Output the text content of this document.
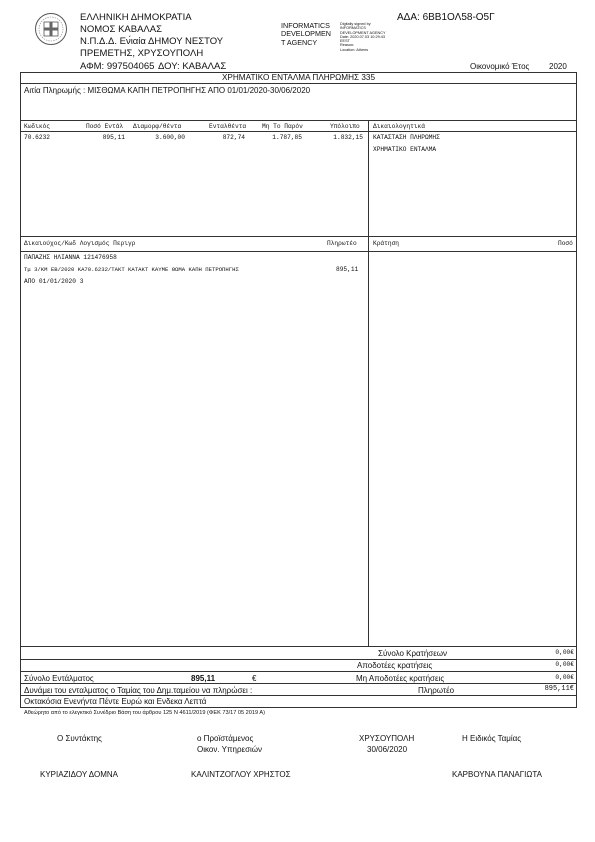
ΕΛΛΗΝΙΚΗ ΔΗΜΟΚΡΑΤΙΑ
ΝΟΜΟΣ ΚΑΒΑΛΑΣ
Ν.Π.Δ.Δ. Εν́ιαία ΔΗΜΟΥ ΝΕΣΤΟΥ
ΠΡΕΜΕΤΗΣ, ΧΡΥΣΟΥΠΟΛΗ
ΑΦΜ: 997504065 ΔΟΥ: ΚΑΒΑΛΑΣ
INFORMATICS
DEVELOPMEN
T AGENCY
Digitally signed by
INFORMATICS
DEVELOPMENT AGENCY
Date: 2020.07.03 10:29:43
EEST
Reason:
Location: Athens
ΑΔΑ: 6ΒΒ1ΟΛ58-Ο5Γ
Οικονομικό Έτος 2020
ΧΡΗΜΑΤΙΚΟ ΕΝΤΑΛΜΑ ΠΛΗΡΩΜΗΣ 335
Αιτία Πληρωμής : ΜΙΣΘΩΜΑ ΚΑΠΗ ΠΕΤΡΟΠΗΓΗΣ ΑΠΟ 01/01/2020-30/06/2020
Κωδικός	Ποσό Εντάλ Διαμορφ/θέντα	Ενταλθέντα	Μη Το Παρόν	Υπόλοιπο Δικαιολογητικά
70.6232	895,11	3.600,00	872,74	1.787,85	1.832,15 ΚΑΤΑΣΤΑΣΗ ΠΛΗΡΩΜΗΣ
ΧΡΗΜΑΤΙΚΟ ΕΝΤΑΛΜΑ
Δικαιούχος/Κωδ Λογισμός Περιγρ	Πληρωτέο	Κράτηση	Ποσό
ΠΑΠΑΖΗΣ ΗΛΙΑΝΝΑ 121476958
Τμ 3/ΚΜ ΕΒ/2020 ΚΑ70.6232/ΤΑΚΤ ΚΑΤΑΚΤ ΚΑΥΜΕ ΘΩΜΑ ΚΑΠΗ ΠΕΤΡΟΠΗΓΗΣ	895,11
ΑΠΟ 01/01/2020 3
Σύνολο Κρατήσεων	0,00€
Αποδοτέες κρατήσεις	0,00€
Σύνολο Εντάλματος	895,11	€	Μη Αποδοτέες κρατήσεις	0,00€
Δυνάμει του ενταλματος ο Ταμίας του Δημ.ταμείου να πληρώσει :	Πληρωτέο	895,11€
Οκτακόσια Ενενήντα Πέντε Ευρώ και Ενδεκα Λεπτά
Αθεώρητο από το ελεγκτικό Συνέδριο Βάση του άρθρου 125 Ν 4611/2019 (ΦΕΚ 73/17 05 2019 Α)
Ο Συντάκτης	ο Προϊστάμενος
Οικον. Υπηρεσιών
ΧΡΥΣΟΥΠΟΛΗ
30/06/2020
Η Ειδικός Ταμίας
ΚΥΡΙΑΖΙΔΟΥ ΔΟΜΝΑ	ΚΑΛΙΝΤΖΟΓΛΟΥ ΧΡΗΣΤΟΣ	ΚΑΡΒΟΥΝΑ ΠΑΝΑΓΙΩΤΑ
